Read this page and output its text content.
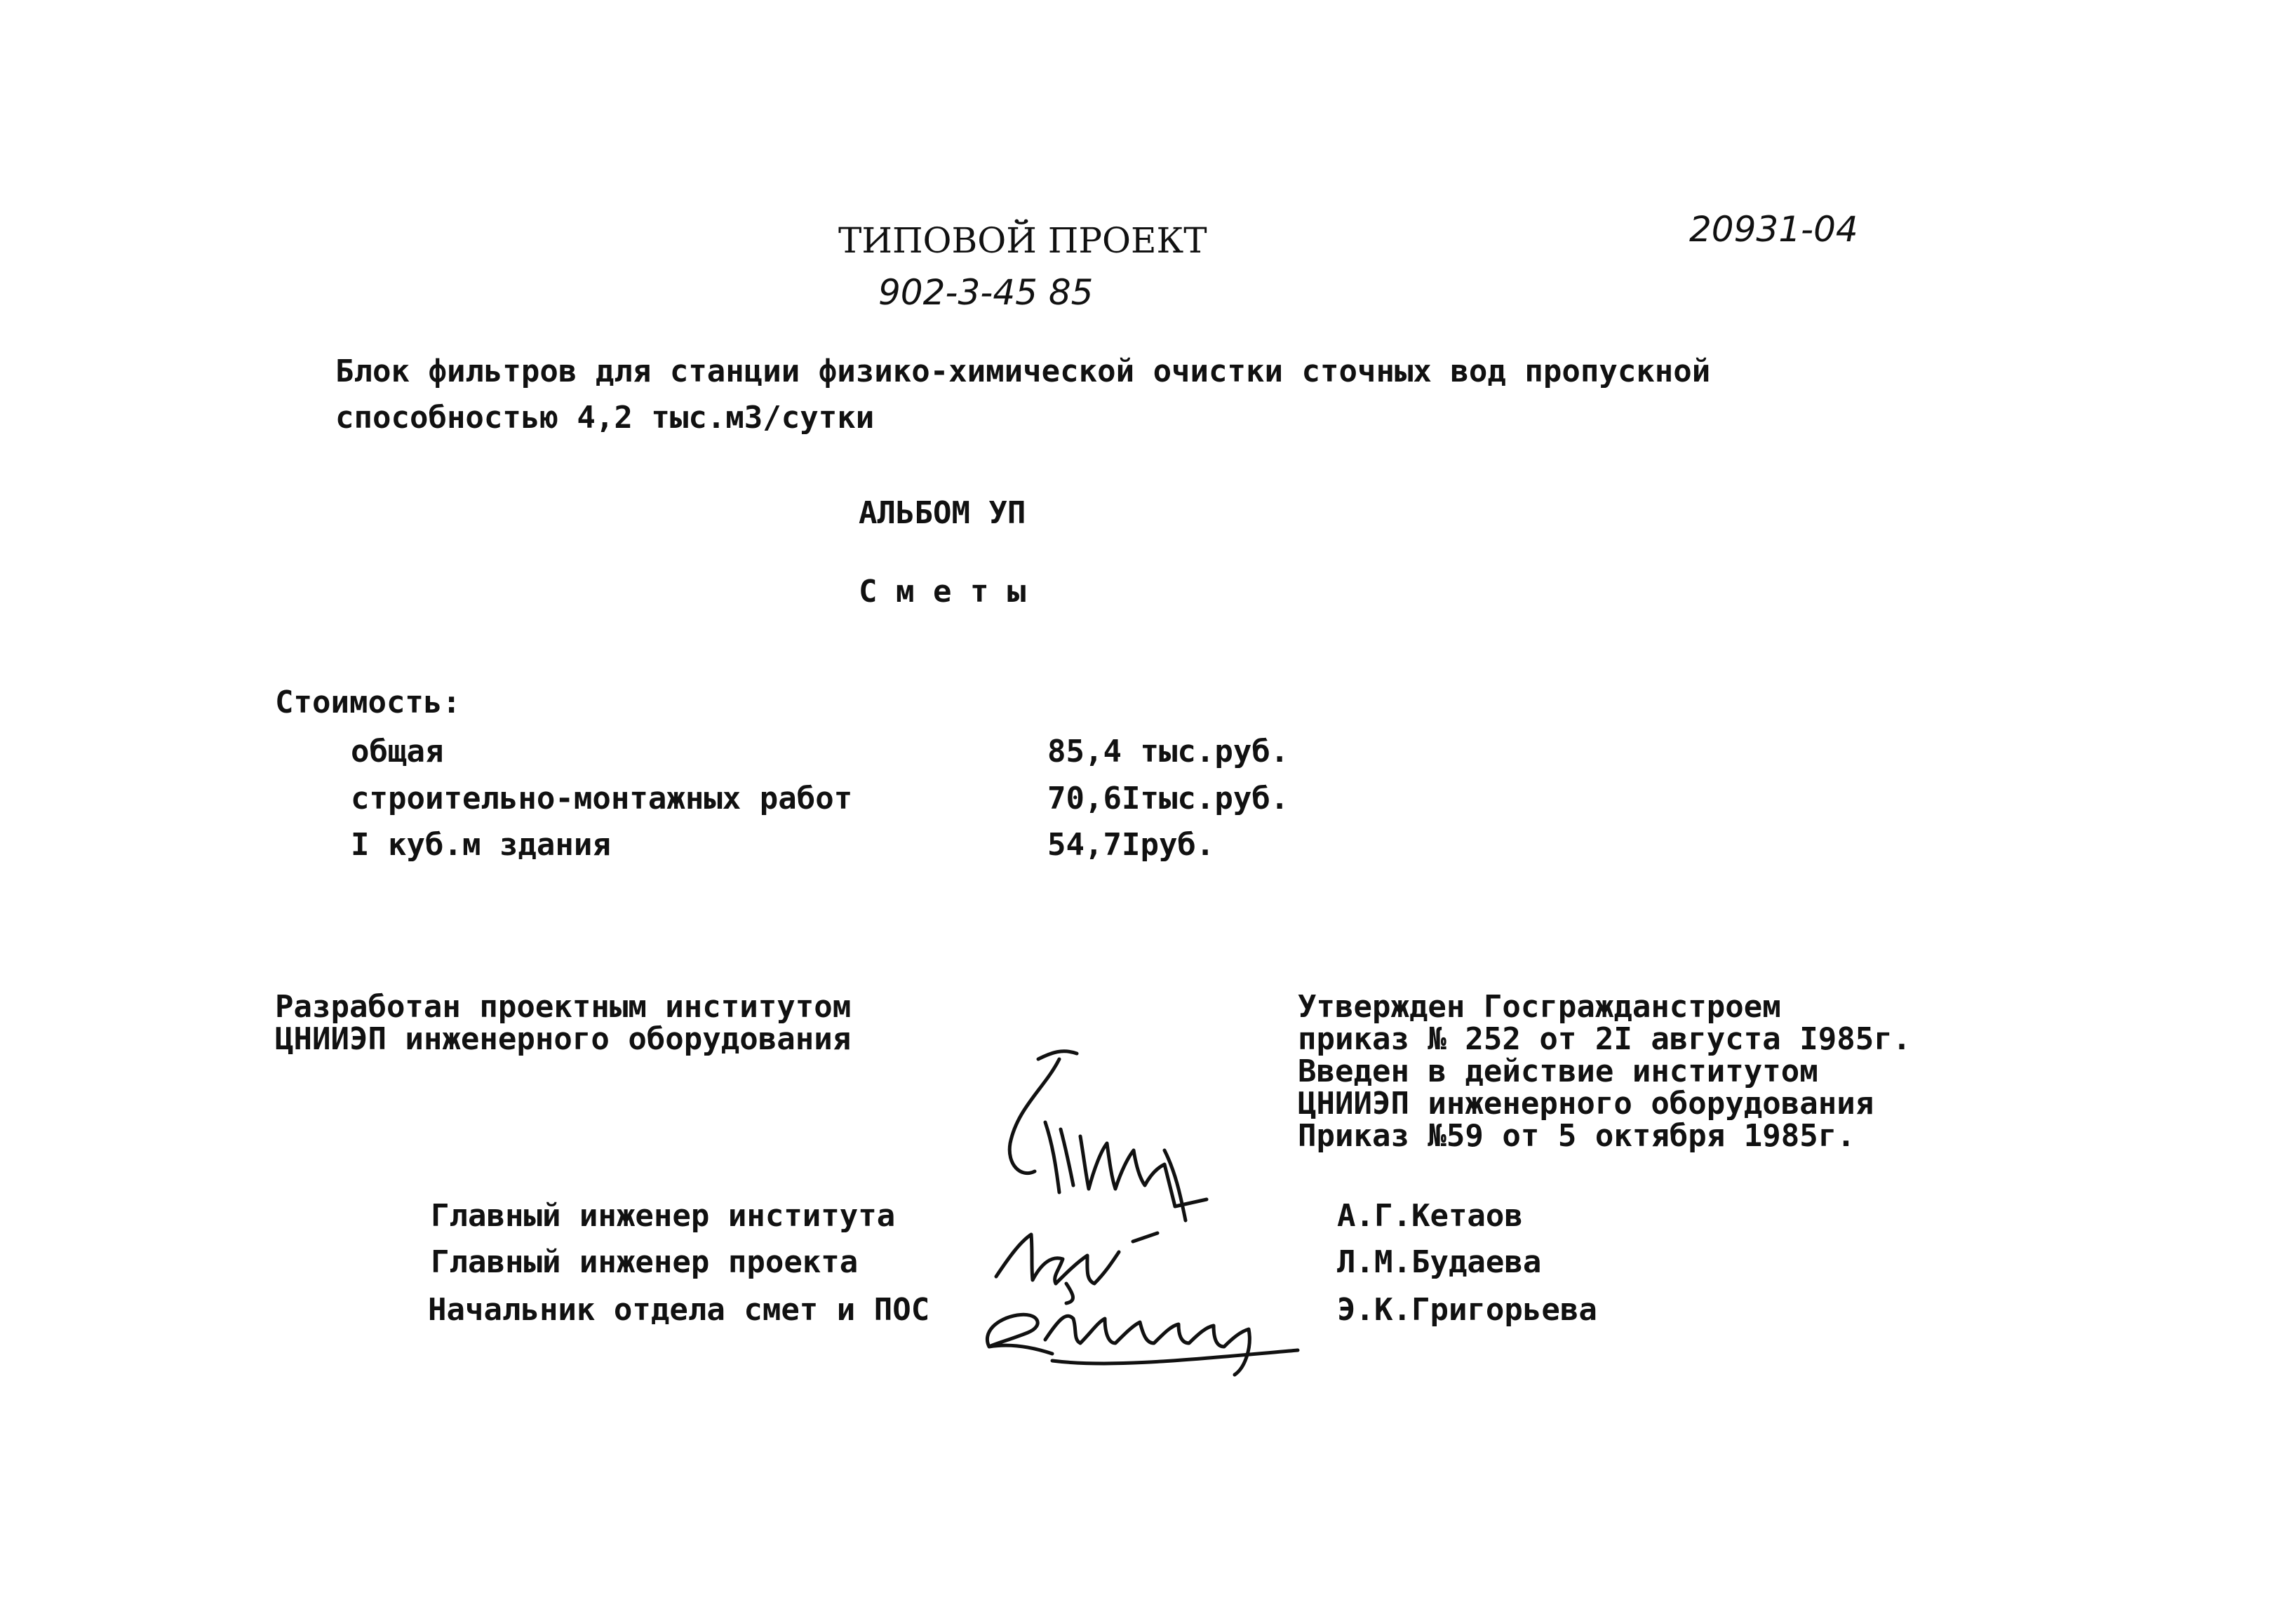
ТИПОВОЙ ПРОЕКТ
902-3-45 85
20931-04
Блок фильтров для станции физико-химической очистки сточных вод пропускной
способностью 4,2 тыс.м3/сутки
АЛЬБОМ УП
С м е т ы
Стоимость:
общая	85,4 тыс.руб.
строительно-монтажных работ	70,6Iтыс.руб.
I куб.м здания	54,7Iруб.
Разработан проектным институтом
ЦНИИЭП инженерного оборудования
Утвержден Госгражданстроем
приказ № 252 от 2I августа I985г.
Введен в действие институтом
ЦНИИЭП инженерного оборудования
Приказ №59 от 5 октября 1985г.
Главный инженер института	А.Г.Кетаов
Главный инженер проекта	Л.М.Будаева
Начальник отдела смет и ПОС	Э.К.Григорьева
